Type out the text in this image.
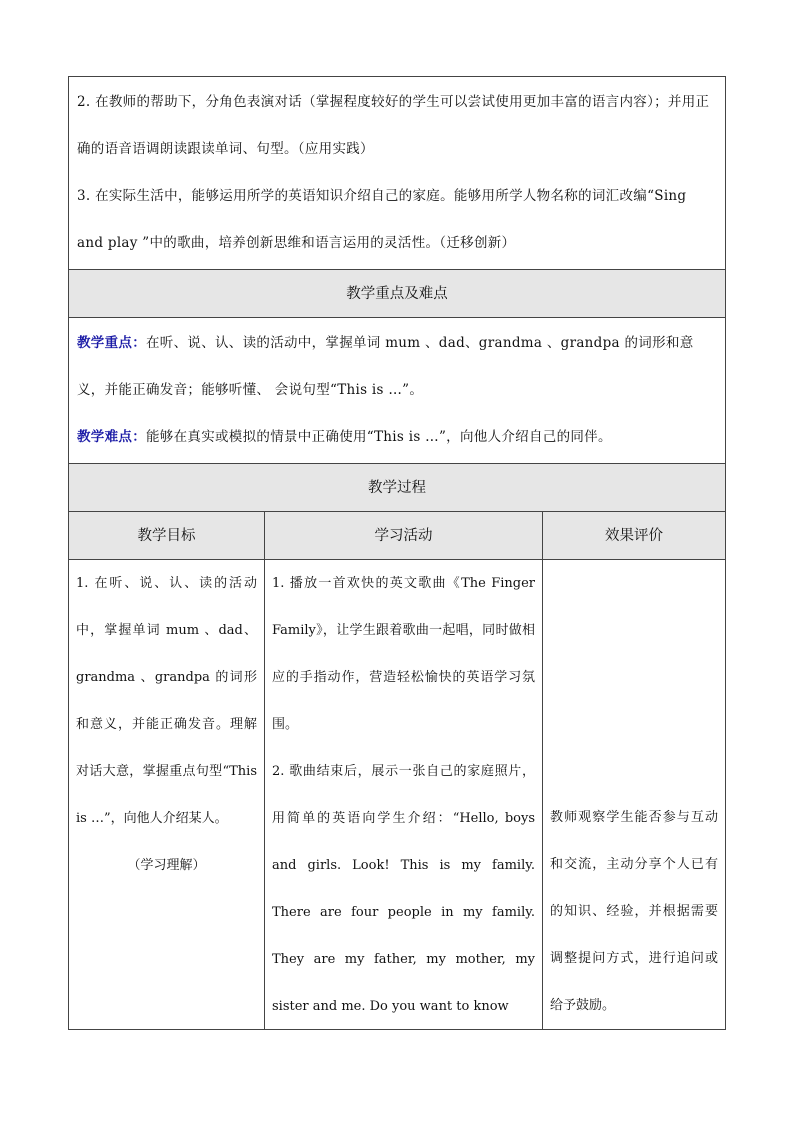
2. 在教师的帮助下，分角色表演对话（掌握程度较好的学生可以尝试使用更加丰富的语言内容）；并用正确的语音语调朗读跟读单词、句型。（应用实践）
3. 在实际生活中，能够运用所学的英语知识介绍自己的家庭。能够用所学人物名称的词汇改编“Sing and play ”中的歌曲，培养创新思维和语言运用的灵活性。（迁移创新）
教学重点及难点
教学重点：在听、说、认、读的活动中，掌握单词 mum 、dad、grandma 、grandpa 的词形和意义，并能正确发音；能够听懂、 会说句型“This is …”。
教学难点：能够在真实或模拟的情景中正确使用“This is …”，向他人介绍自己的同伴。
教学过程
教学目标	学习活动	效果评价
1. 在听、说、认、读的活动中，掌握单词 mum 、dad、grandma 、grandpa 的词形和意义，并能正确发音。理解对话大意，掌握重点句型“This is …”，向他人介绍某人。
（学习理解）
1. 播放一首欢快的英文歌曲《The Finger Family》，让学生跟着歌曲一起唱，同时做相应的手指动作，营造轻松愉快的英语学习氛围。
2. 歌曲结束后，展示一张自己的家庭照片， 用简单的英语向学生介绍：“Hello, boys and girls. Look! This is my family. There are four people in my family. They are my father, my mother, my sister and me. Do you want to know
教师观察学生能否参与互动和交流，主动分享个人已有的知识、经验，并根据需要调整提问方式，进行追问或给予鼓励。
